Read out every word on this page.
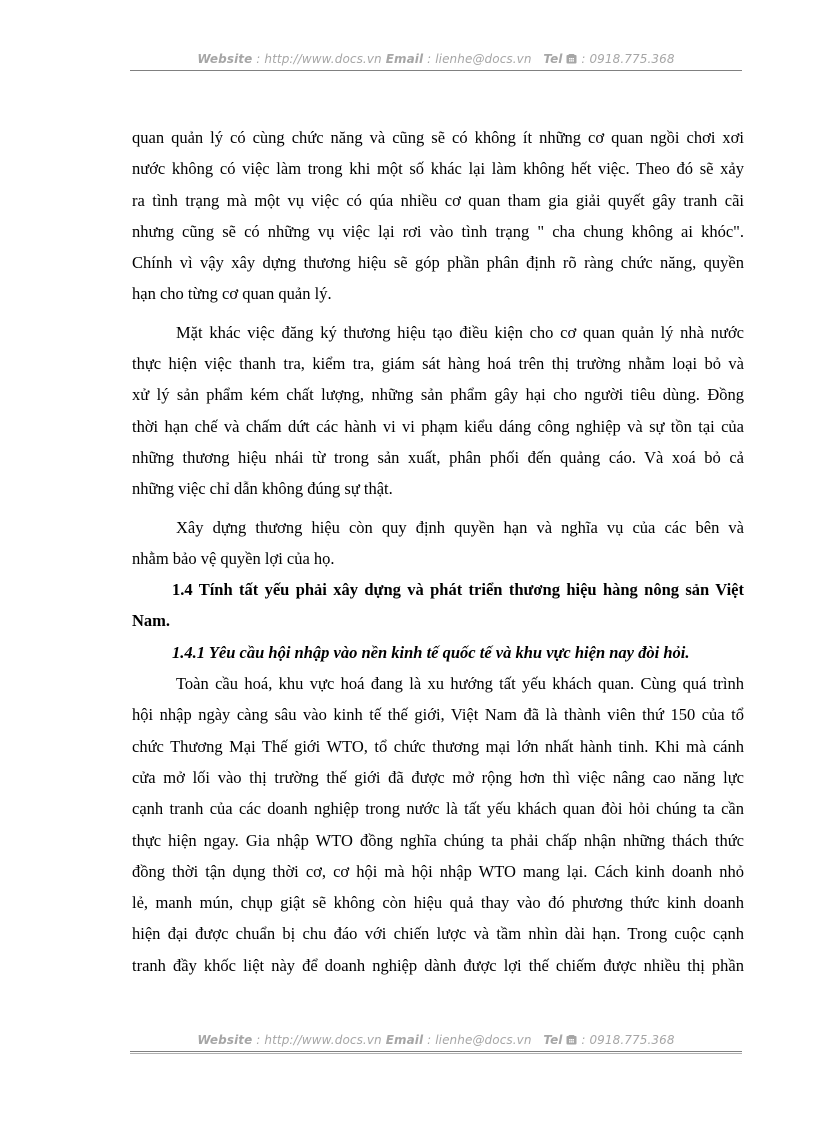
Website : http://www.docs.vn Email : lienhe@docs.vn Tel  : 0918.775.368
quan quản lý có cùng chức năng và cũng sẽ có không ít những cơ quan ngồi chơi xơi
nước không có việc làm trong khi một số khác lại làm không hết việc. Theo đó sẽ xảy
ra tình trạng mà một vụ việc có qúa nhiều cơ quan tham gia giải quyết gây tranh cãi
nhưng cũng sẽ có những vụ việc lại rơi vào tình trạng " cha chung không ai khóc".
Chính vì vậy xây dựng thương hiệu sẽ góp phần phân định rõ ràng chức năng, quyền
hạn cho từng cơ quan quản lý.
Mặt khác việc đăng ký thương hiệu tạo điều kiện cho cơ quan quản lý nhà nước
thực hiện việc thanh tra, kiểm tra, giám sát hàng hoá trên thị trường nhằm loại bỏ và
xử lý sản phẩm kém chất lượng, những sản phẩm gây hại cho người tiêu dùng. Đồng
thời hạn chế và chấm dứt các hành vi vi phạm kiểu dáng công nghiệp và sự tồn tại của
những thương hiệu nhái từ trong sản xuất, phân phối đến quảng cáo. Và xoá bỏ cả
những việc chỉ dẫn không đúng sự thật.
Xây dựng thương hiệu còn quy định quyền hạn và nghĩa vụ của các bên và
nhằm bảo vệ quyền lợi của họ.
1.4 Tính tất yếu phải xây dựng và phát triển thương hiệu hàng nông sản Việt
Nam.
1.4.1 Yêu cầu hội nhập vào nền kinh tế quốc tế và khu vực hiện nay đòi hỏi.
Toàn cầu hoá, khu vực hoá đang là xu hướng tất yếu khách quan. Cùng quá trình
hội nhập ngày càng sâu vào kinh tế thế giới, Việt Nam đã là thành viên thứ 150 của tổ
chức Thương Mại Thế giới WTO, tổ chức thương mại lớn nhất hành tinh. Khi mà cánh
cửa mở lối vào thị trường thế giới đã được mở rộng hơn thì việc nâng cao năng lực
cạnh tranh của các doanh nghiệp trong nước là tất yếu khách quan đòi hỏi chúng ta cần
thực hiện ngay. Gia nhập WTO đồng nghĩa chúng ta phải chấp nhận những thách thức
đồng thời tận dụng thời cơ, cơ hội mà hội nhập WTO mang lại. Cách kinh doanh nhỏ
lẻ, manh mún, chụp giật sẽ không còn hiệu quả thay vào đó phương thức kinh doanh
hiện đại được chuẩn bị chu đáo với chiến lược và tầm nhìn dài hạn. Trong cuộc cạnh
tranh đầy khốc liệt này để doanh nghiệp dành được lợi thế chiếm được nhiều thị phần
Website : http://www.docs.vn Email : lienhe@docs.vn Tel  : 0918.775.368
